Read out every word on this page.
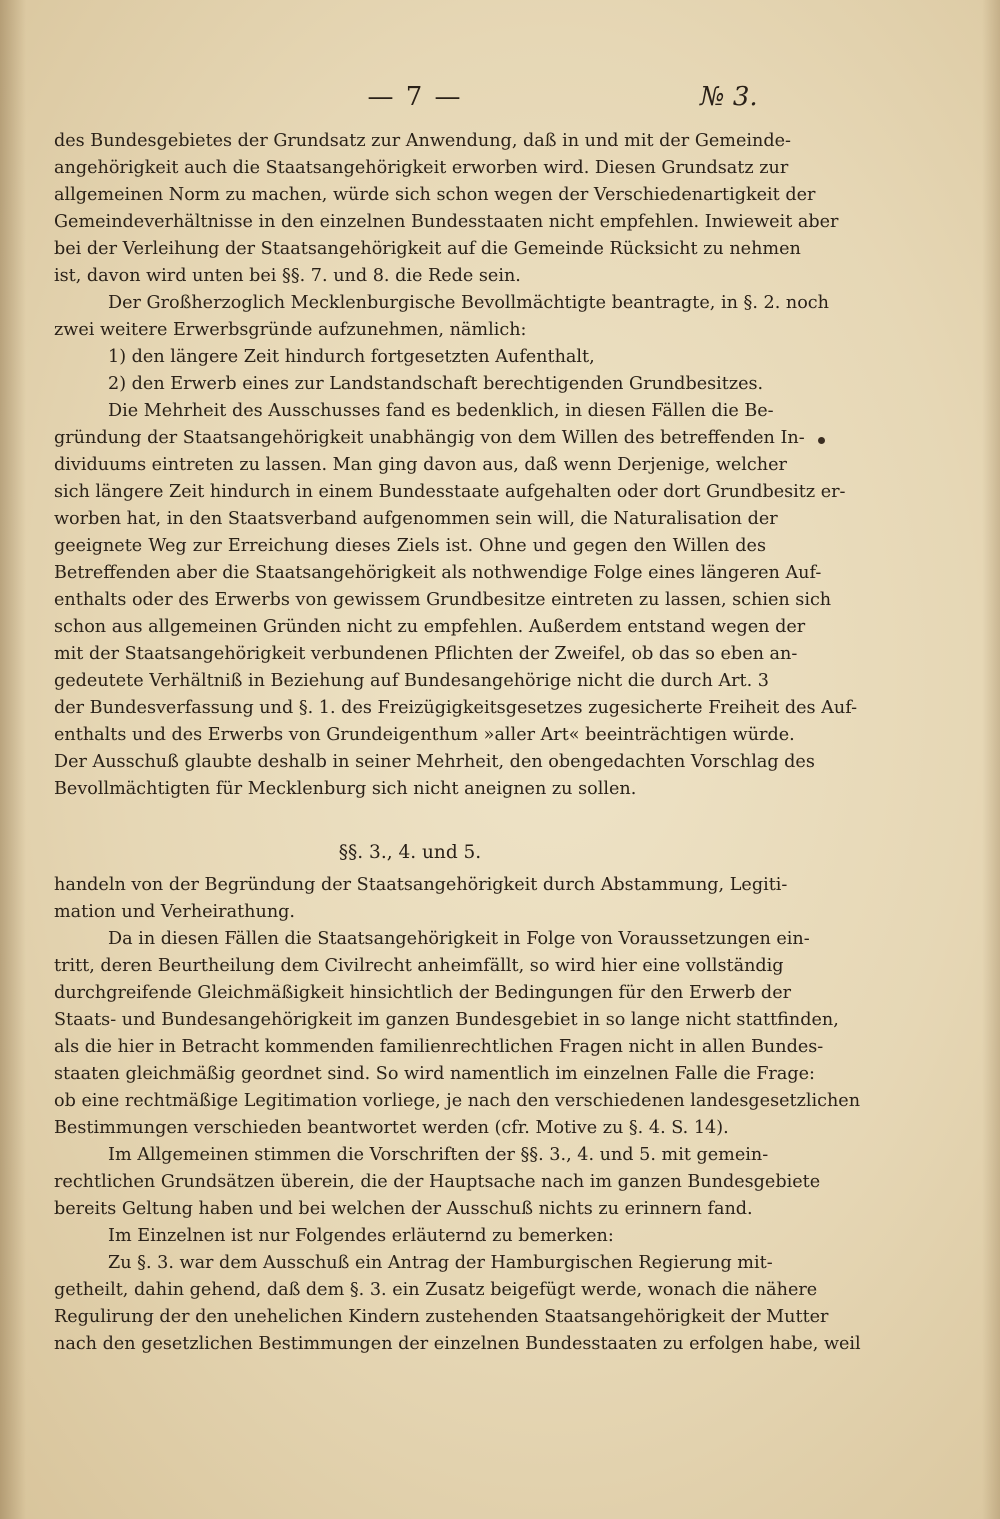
— 7 —	№ 3.
des Bundesgebietes der Grundsatz zur Anwendung, daß in und mit der Gemeinde-
angehörigkeit auch die Staatsangehörigkeit erworben wird. Diesen Grundsatz zur
allgemeinen Norm zu machen, würde sich schon wegen der Verschiedenartigkeit der
Gemeindeverhältnisse in den einzelnen Bundesstaaten nicht empfehlen. Inwieweit aber
bei der Verleihung der Staatsangehörigkeit auf die Gemeinde Rücksicht zu nehmen
ist, davon wird unten bei §§. 7. und 8. die Rede sein.
Der Großherzoglich Mecklenburgische Bevollmächtigte beantragte, in §. 2. noch
zwei weitere Erwerbsgründe aufzunehmen, nämlich:
1) den längere Zeit hindurch fortgesetzten Aufenthalt,
2) den Erwerb eines zur Landstandschaft berechtigenden Grundbesitzes.
Die Mehrheit des Ausschusses fand es bedenklich, in diesen Fällen die Be-
gründung der Staatsangehörigkeit unabhängig von dem Willen des betreffenden In-
dividuums eintreten zu lassen. Man ging davon aus, daß wenn Derjenige, welcher
sich längere Zeit hindurch in einem Bundesstaate aufgehalten oder dort Grundbesitz er-
worben hat, in den Staatsverband aufgenommen sein will, die Naturalisation der
geeignete Weg zur Erreichung dieses Ziels ist. Ohne und gegen den Willen des
Betreffenden aber die Staatsangehörigkeit als nothwendige Folge eines längeren Auf-
enthalts oder des Erwerbs von gewissem Grundbesitze eintreten zu lassen, schien sich
schon aus allgemeinen Gründen nicht zu empfehlen. Außerdem entstand wegen der
mit der Staatsangehörigkeit verbundenen Pflichten der Zweifel, ob das so eben an-
gedeutete Verhältniß in Beziehung auf Bundesangehörige nicht die durch Art. 3
der Bundesverfassung und §. 1. des Freizügigkeitsgesetzes zugesicherte Freiheit des Auf-
enthalts und des Erwerbs von Grundeigenthum »aller Art« beeinträchtigen würde.
Der Ausschuß glaubte deshalb in seiner Mehrheit, den obengedachten Vorschlag des
Bevollmächtigten für Mecklenburg sich nicht aneignen zu sollen.
§§. 3., 4. und 5.
handeln von der Begründung der Staatsangehörigkeit durch Abstammung, Legiti-
mation und Verheirathung.
Da in diesen Fällen die Staatsangehörigkeit in Folge von Voraussetzungen ein-
tritt, deren Beurtheilung dem Civilrecht anheimfällt, so wird hier eine vollständig
durchgreifende Gleichmäßigkeit hinsichtlich der Bedingungen für den Erwerb der
Staats- und Bundesangehörigkeit im ganzen Bundesgebiet in so lange nicht stattfinden,
als die hier in Betracht kommenden familienrechtlichen Fragen nicht in allen Bundes-
staaten gleichmäßig geordnet sind. So wird namentlich im einzelnen Falle die Frage:
ob eine rechtmäßige Legitimation vorliege, je nach den verschiedenen landesgesetzlichen
Bestimmungen verschieden beantwortet werden (cfr. Motive zu §. 4. S. 14).
Im Allgemeinen stimmen die Vorschriften der §§. 3., 4. und 5. mit gemein-
rechtlichen Grundsätzen überein, die der Hauptsache nach im ganzen Bundesgebiete
bereits Geltung haben und bei welchen der Ausschuß nichts zu erinnern fand.
Im Einzelnen ist nur Folgendes erläuternd zu bemerken:
Zu §. 3. war dem Ausschuß ein Antrag der Hamburgischen Regierung mit-
getheilt, dahin gehend, daß dem §. 3. ein Zusatz beigefügt werde, wonach die nähere
Regulirung der den unehelichen Kindern zustehenden Staatsangehörigkeit der Mutter
nach den gesetzlichen Bestimmungen der einzelnen Bundesstaaten zu erfolgen habe, weil
